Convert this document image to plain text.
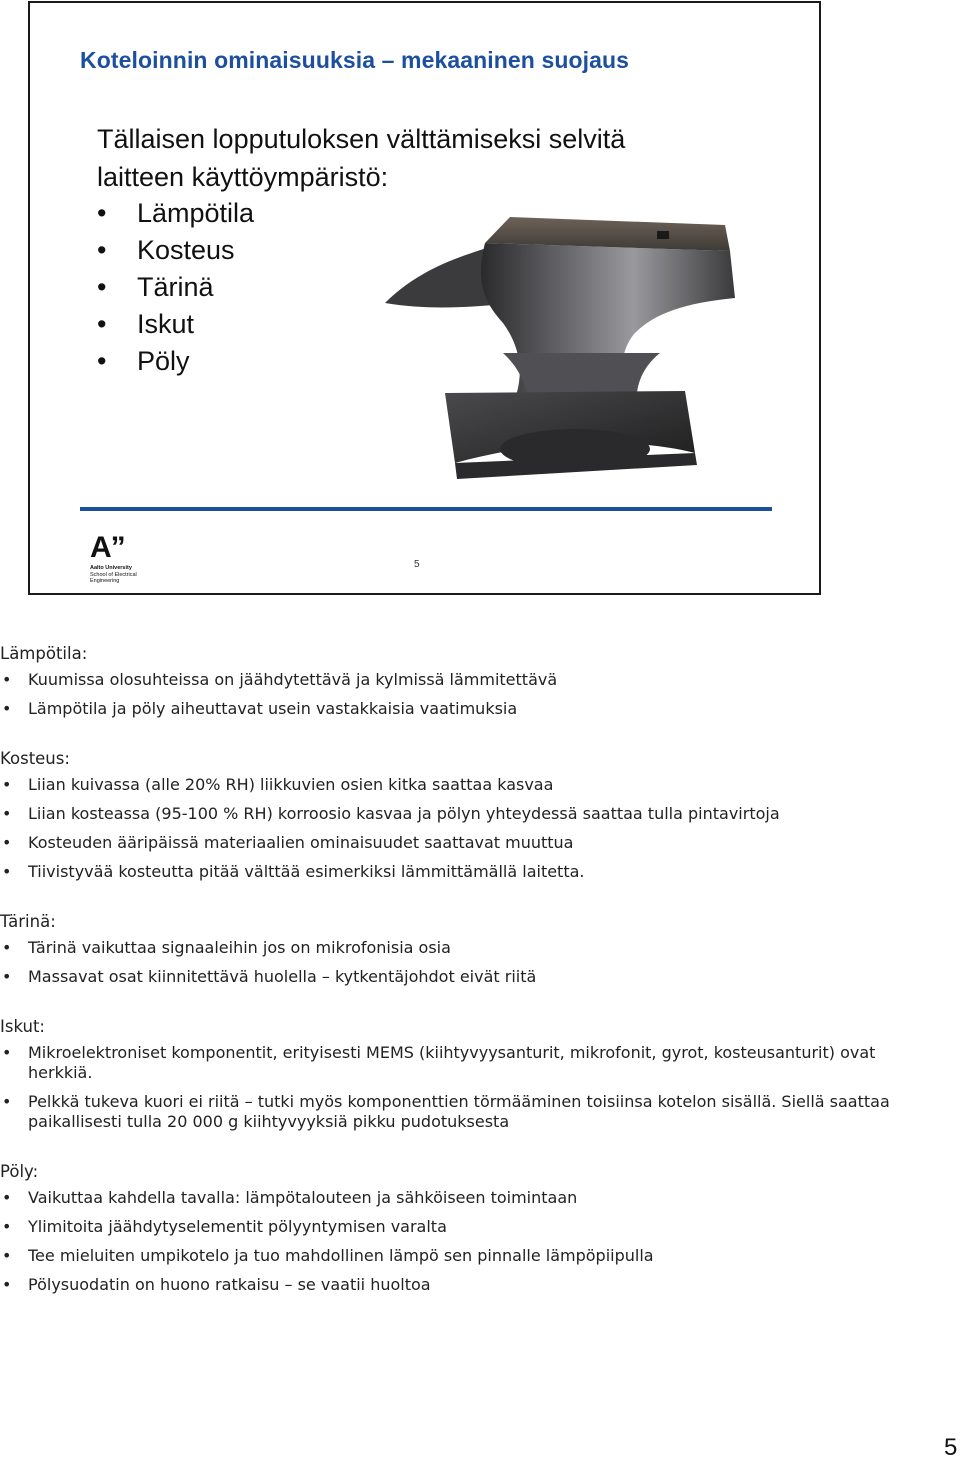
Koteloinnin ominaisuuksia – mekaaninen suojaus
Tällaisen lopputuloksen välttämiseksi selvitä
laitteen käyttöympäristö:
• Lämpötila
• Kosteus
• Tärinä
• Iskut
• Pöly
A”
Aalto University
School of Electrical
Engineering
5
Lämpötila:
• Kuumissa olosuhteissa on jäähdytettävä ja kylmissä lämmitettävä
• Lämpötila ja pöly aiheuttavat usein vastakkaisia vaatimuksia
Kosteus:
• Liian kuivassa (alle 20% RH) liikkuvien osien kitka saattaa kasvaa
• Liian kosteassa (95-100 % RH) korroosio kasvaa ja pölyn yhteydessä saattaa tulla pintavirtoja
• Kosteuden ääripäissä materiaalien ominaisuudet saattavat muuttua
• Tiivistyvää kosteutta pitää välttää esimerkiksi lämmittämällä laitetta.
Tärinä:
• Tärinä vaikuttaa signaaleihin jos on mikrofonisia osia
• Massavat osat kiinnitettävä huolella – kytkentäjohdot eivät riitä
Iskut:
• Mikroelektroniset komponentit, erityisesti MEMS (kiihtyvyysanturit, mikrofonit, gyrot, kosteusanturit) ovat herkkiä.
• Pelkkä tukeva kuori ei riitä – tutki myös komponenttien törmääminen toisiinsa kotelon sisällä. Siellä saattaa paikallisesti tulla 20 000 g kiihtyvyyksiä pikku pudotuksesta
Pöly:
• Vaikuttaa kahdella tavalla: lämpötalouteen ja sähköiseen toimintaan
• Ylimitoita jäähdytyselementit pölyyntymisen varalta
• Tee mieluiten umpikotelo ja tuo mahdollinen lämpö sen pinnalle lämpöpiipulla
• Pölysuodatin on huono ratkaisu – se vaatii huoltoa
5
